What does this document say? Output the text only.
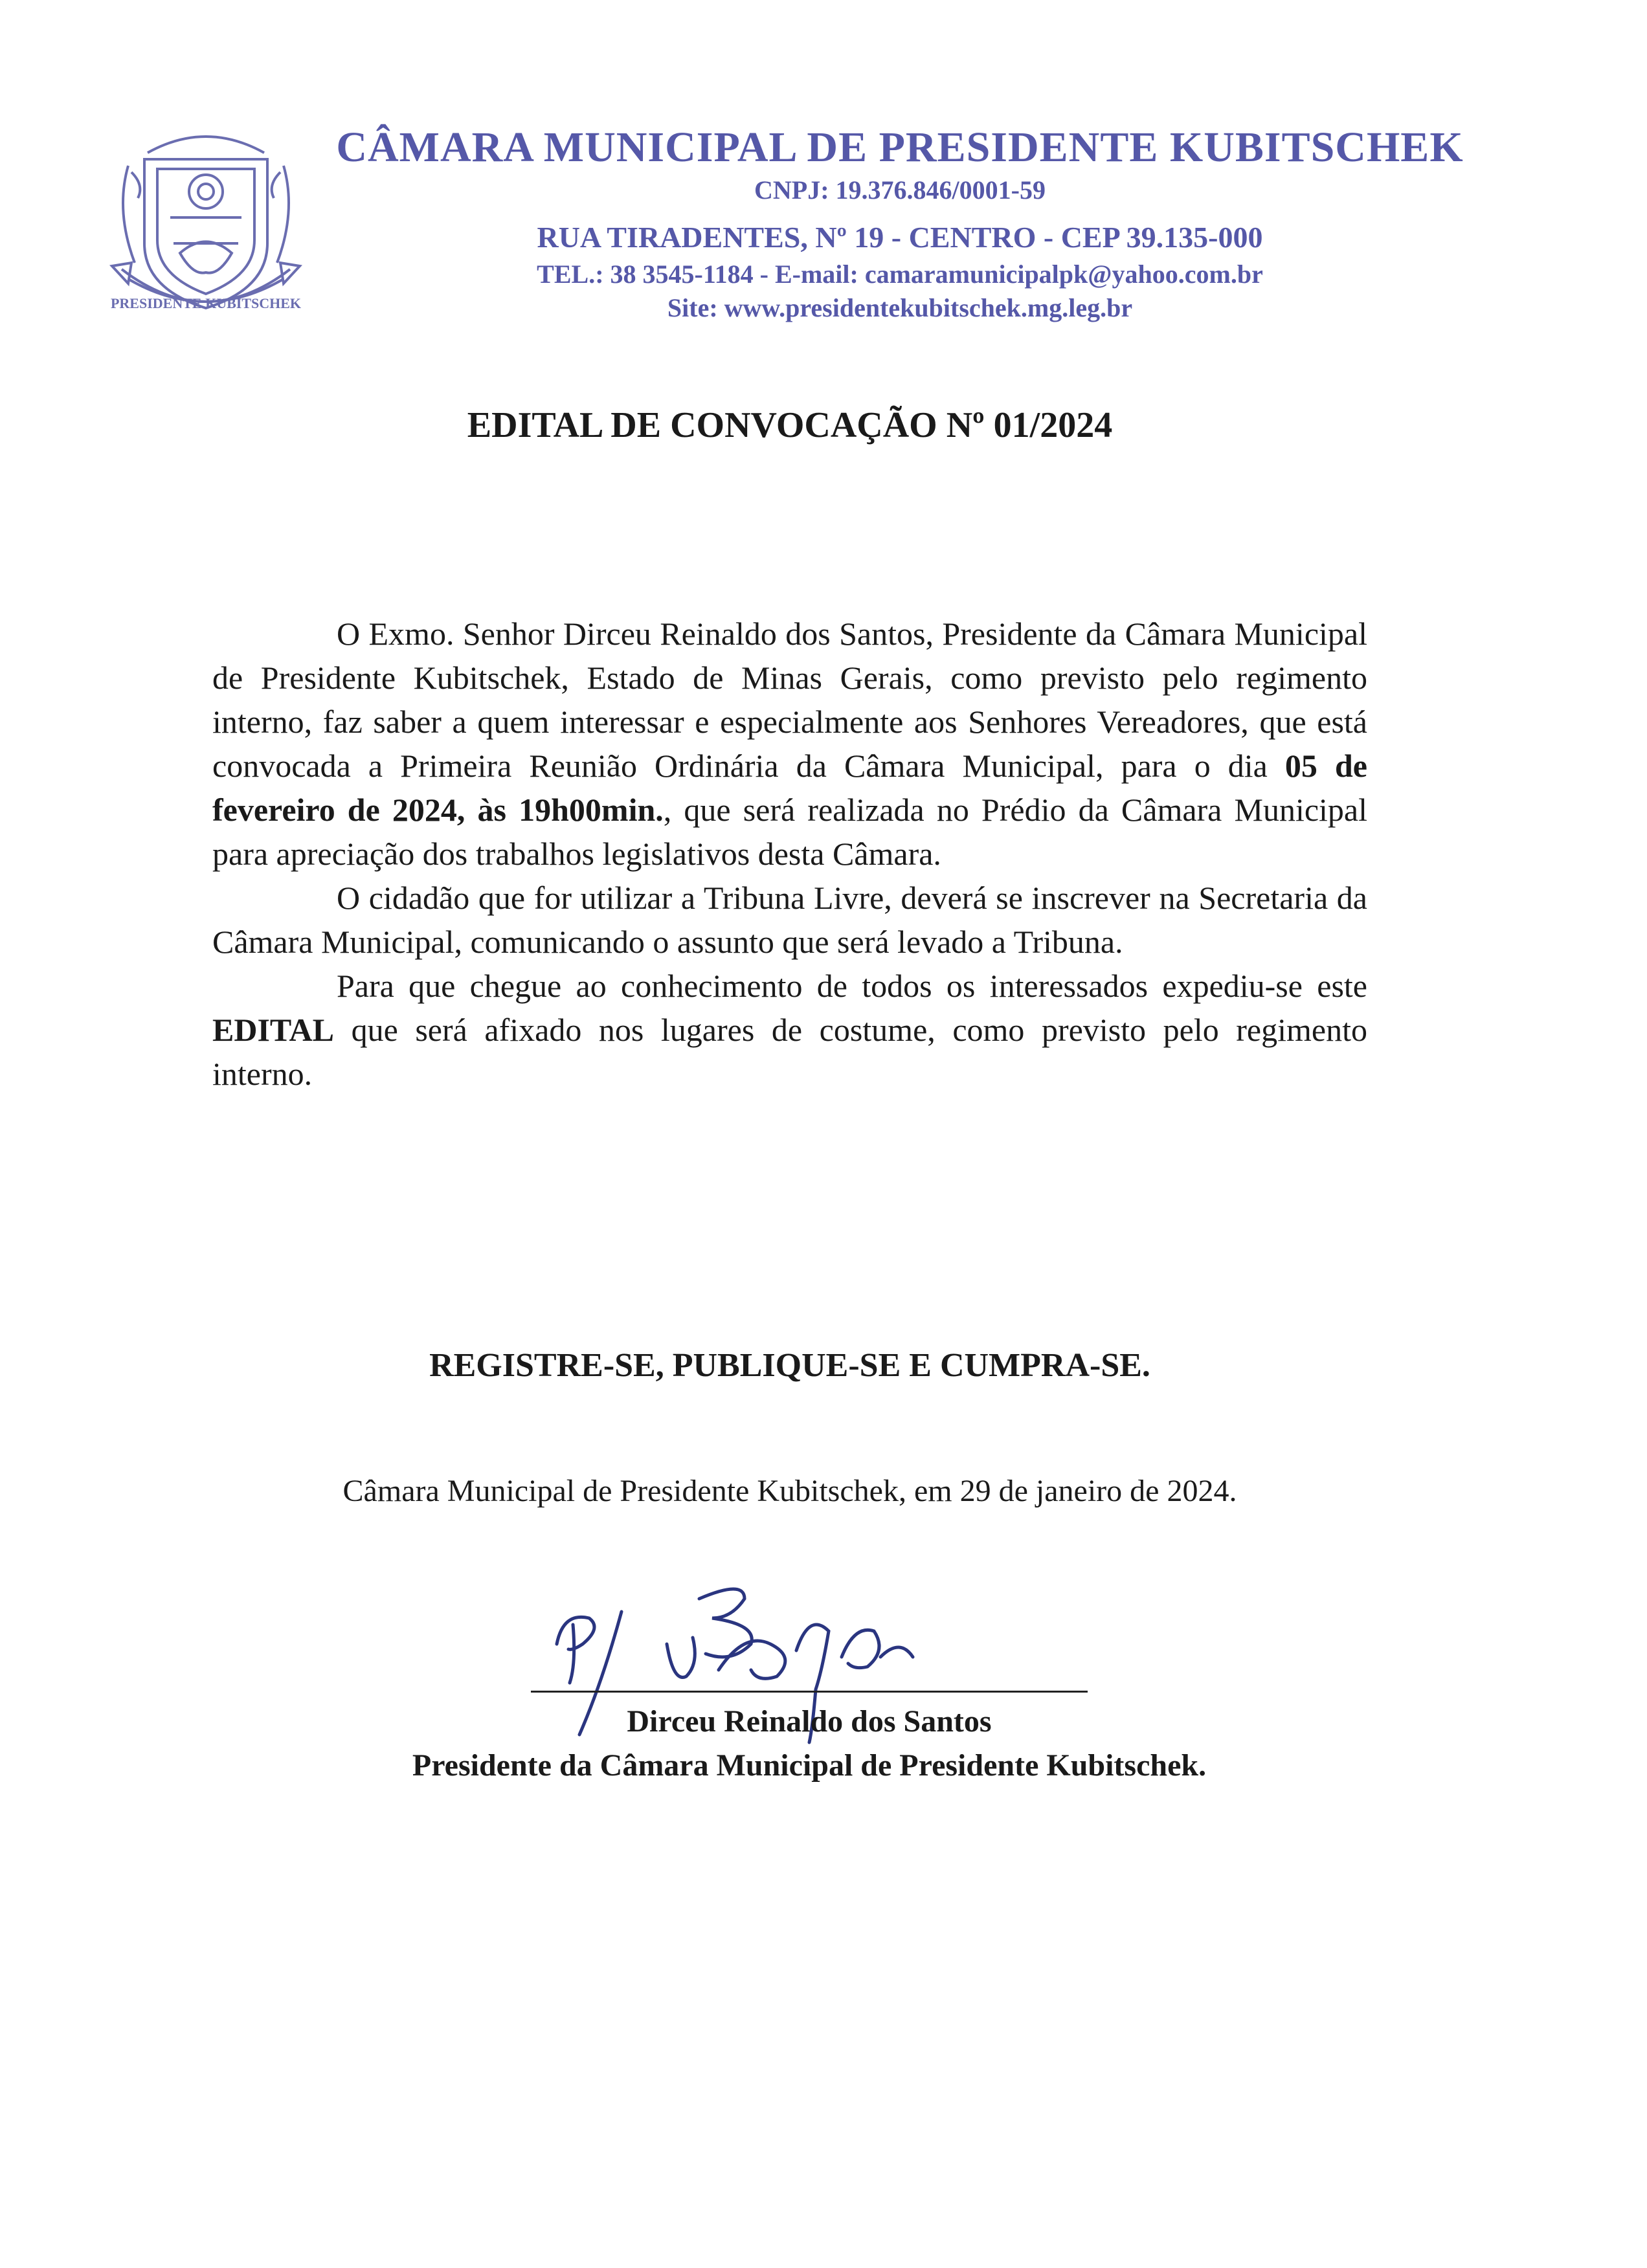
PRESIDENTE KUBITSCHEK
CÂMARA MUNICIPAL DE PRESIDENTE KUBITSCHEK
CNPJ: 19.376.846/0001-59
RUA TIRADENTES, Nº 19 - CENTRO - CEP 39.135-000
TEL.: 38 3545-1184 - E-mail: camaramunicipalpk@yahoo.com.br
Site: www.presidentekubitschek.mg.leg.br
EDITAL DE CONVOCAÇÃO Nº 01/2024

O Exmo. Senhor Dirceu Reinaldo dos Santos, Presidente da Câmara Municipal de Presidente Kubitschek, Estado de Minas Gerais, como previsto pelo regimento interno, faz saber a quem interessar e especialmente aos Senhores Vereadores, que está convocada a Primeira Reunião Ordinária da Câmara Municipal, para o dia 05 de fevereiro de 2024, às 19h00min., que será realizada no Prédio da Câmara Municipal para apreciação dos trabalhos legislativos desta Câmara.

O cidadão que for utilizar a Tribuna Livre, deverá se inscrever na Secretaria da Câmara Municipal, comunicando o assunto que será levado a Tribuna.

Para que chegue ao conhecimento de todos os interessados expediu-se este EDITAL que será afixado nos lugares de costume, como previsto pelo regimento interno.

REGISTRE-SE, PUBLIQUE-SE E CUMPRA-SE.
Câmara Municipal de Presidente Kubitschek, em 29 de janeiro de 2024.
P/
Dirceu Reinaldo dos Santos
Presidente da Câmara Municipal de Presidente Kubitschek.
